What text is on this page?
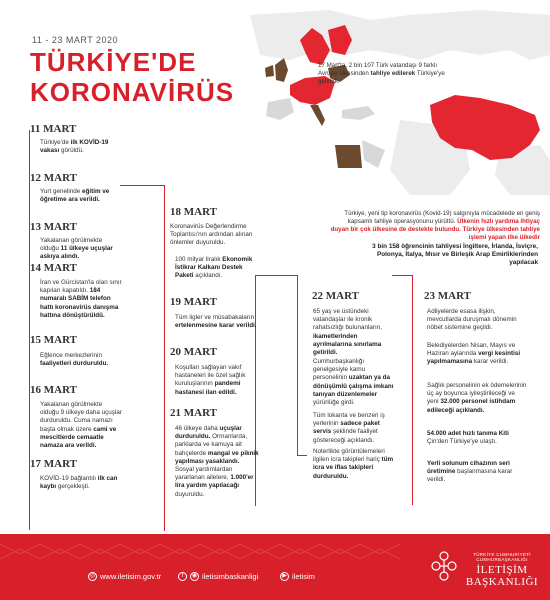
11 - 23 MART 2020
TÜRKİYE'DE
KORONAVİRÜS
17 Mart'ta, 2 bin 107 Türk vatandaşı 9 farklı Avrupa ülkesinden tahliye edilerek Türkiye'ye getirildi.
Türkiye, yeni tip koronavirüs (Kovid-19) salgınıyla mücadelede en geniş kapsamlı tahliye operasyonunu yürüttü. Ülkenin hızlı yardıma ihtiyaç duyan bir çok ülkesine de destekte bulundu. Türkiye ülkesinden tahliye işlemi yapan ilke ülkedir
3 bin 158 öğrencinin tahliyesi İngiltere, İrlanda, İsviçre, Polonya, İtalya, Mısır ve Birleşik Arap Emirliklerinden yapılacak
11 MART
Türkiye'de ilk KOVİD-19 vakası görüldü.
12 MART
Yurt genelinde eğitim ve öğretime ara verildi.
13 MART
Yakalanan görülmekte olduğu 11 ülkeye uçuşlar askıya alındı.
14 MART
İran ve Gürcistan'la olan sınır kapıları kapatıldı. 184 numaralı SABİM telefon hattı koronavirüs danışma hattına dönüştürüldü.
15 MART
Eğlence merkezlerinin faaliyetleri durduruldu.
16 MART
Yakalanan görülmekte olduğu 9 ülkeye daha uçuşlar durduruldu. Cuma namazı başta olmak üzere cami ve mescitlerde cemaatle namaza ara verildi.
17 MART
KOVİD-19 bağlantılı ilk can kaybı gerçekleşti.
18 MART
Koronavirüs Değerlendirme Toplantısı'nın ardından alınan önlemler duyuruldu.
100 milyar liralık Ekonomik İstikrar Kalkanı Destek Paketi açıklandı.
19 MART
Tüm ligler ve müsabakaların ertelenmesine karar verildi.
20 MART
Koşulları sağlayan vakıf hastaneleri ile özel sağlık kuruluşlarının pandemi hastanesi ilan edildi.
21 MART
46 ülkeye daha uçuşlar durduruldu. Ormanlarda, parklarda ve kamuya ait bahçelerde mangal ve piknik yapılması yasaklandı. Sosyal yardımlardan yararlanan ailelere, 1.000'er lira yardım yapılacağı duyuruldu.
22 MART
65 yaş ve üstündeki vatandaşlar ile kronik rahatsızlığı bulunanların, ikametlerinden ayrılmalarına sınırlama getirildi.
Cumhurbaşkanlığı genelgesiyle kamu personelinin uzaktan ya da dönüşümlü çalışma imkanı tanıyan düzenlemeler yürürlüğe girdi.
Tüm lokanta ve benzeri iş yerlerinin sadece paket servis şeklinde faaliyet göstereceği açıklandı.
Noterlikte görüntülemeleri ilgilen icra takipleri hariç tüm icra ve iflas takipleri durduruldu.
23 MART
Adliyelerde esasa ilişkin, mevcutlarda duruşmalı dönemin nöbet sistemine geçildi.
Belediyelerden Nisan, Mayıs ve Haziran aylarında vergi kesintisi yapılmamasına karar verildi.
Sağlık personelinin ek ödemelerinin üç ay boyunca iyileştirileceği ve yeni 32.000 personel istihdam edileceği açıklandı.
54.000 adet hızlı tanıma Kiti Çin'den Türkiye'ye ulaştı.
Yerli solunum cihazının seri üretimine başlanmasına karar verildi.
◎ www.iletisim.gov.tr	f	◉ iletisimbaskanligi	▶ iletisim
TÜRKİYE CUMHURİYETİ CUMHURBAŞKANLIĞI
İLETİŞİM
BAŞKANLIĞI
